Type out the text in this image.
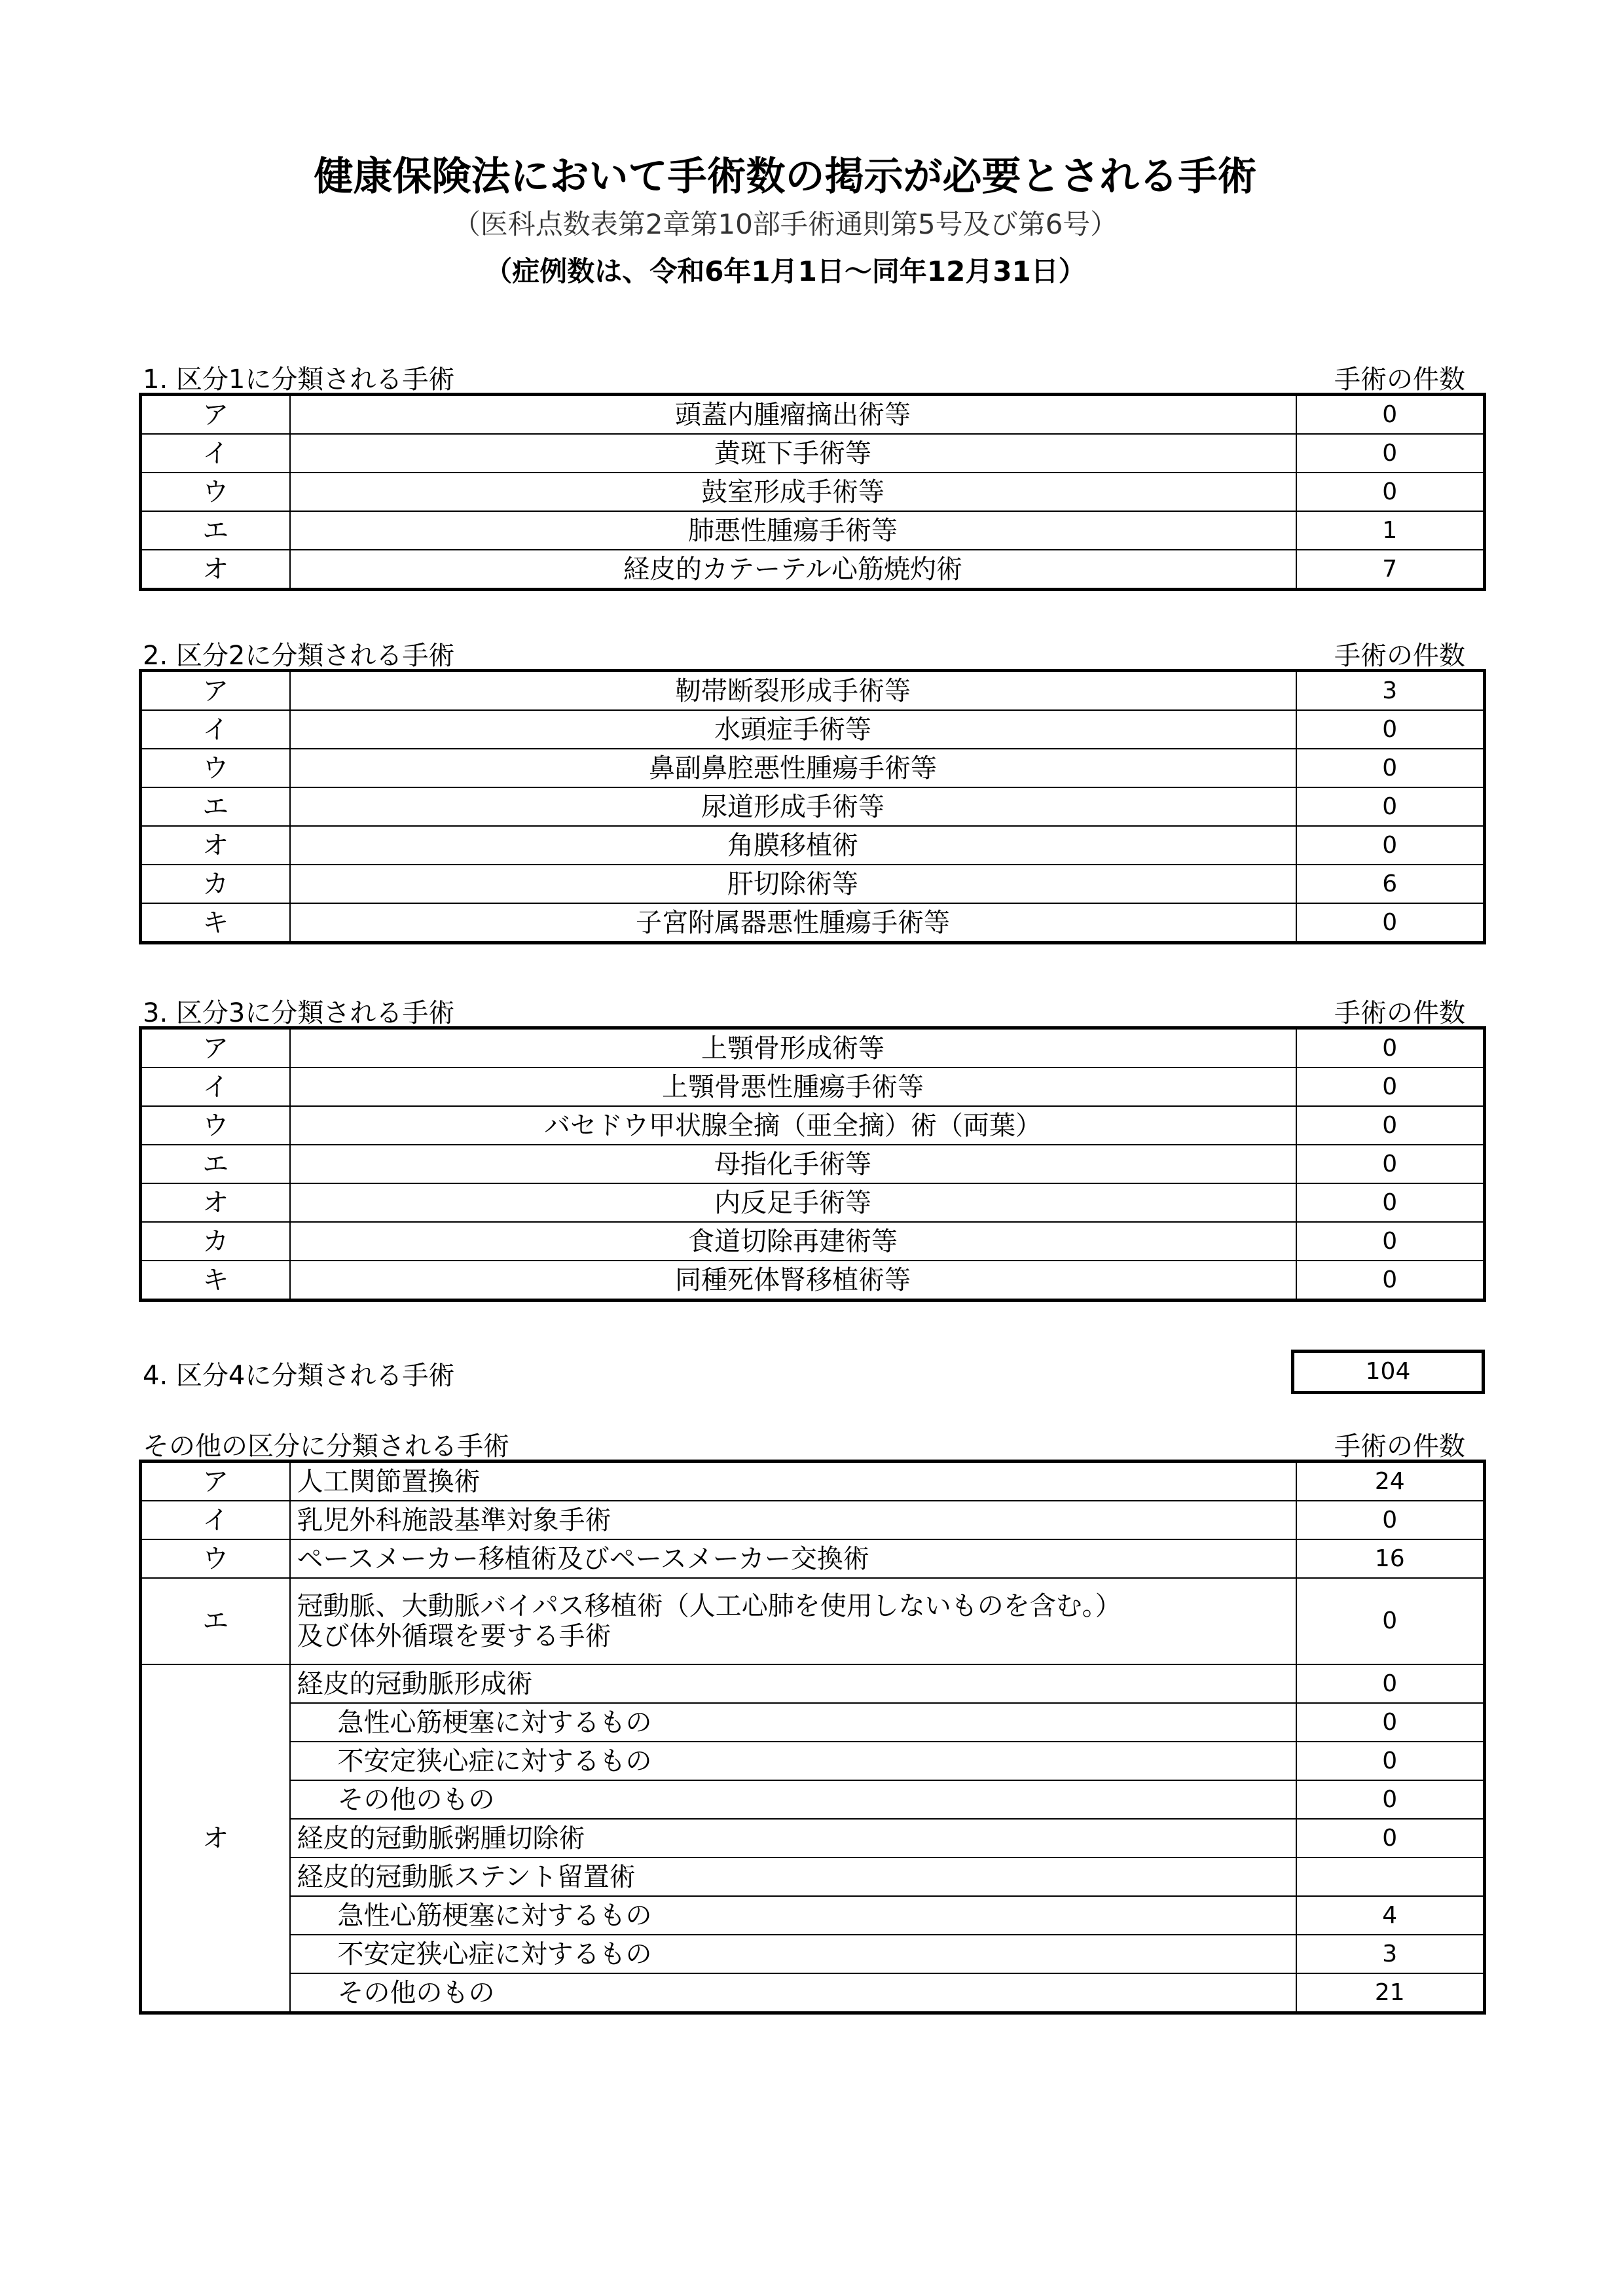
健康保険法において手術数の掲示が必要とされる手術
（医科点数表第2章第10部手術通則第5号及び第6号）
（症例数は、令和6年1月1日～同年12月31日）
1. 区分1に分類される手術	手術の件数
ア	頭蓋内腫瘤摘出術等	0
イ	黄斑下手術等	0
ウ	鼓室形成手術等	0
エ	肺悪性腫瘍手術等	1
オ	経皮的カテーテル心筋焼灼術	7
2. 区分2に分類される手術	手術の件数
ア	靭帯断裂形成手術等	3
イ	水頭症手術等	0
ウ	鼻副鼻腔悪性腫瘍手術等	0
エ	尿道形成手術等	0
オ	角膜移植術	0
カ	肝切除術等	6
キ	子宮附属器悪性腫瘍手術等	0
3. 区分3に分類される手術	手術の件数
ア	上顎骨形成術等	0
イ	上顎骨悪性腫瘍手術等	0
ウ	バセドウ甲状腺全摘（亜全摘）術（両葉）	0
エ	母指化手術等	0
オ	内反足手術等	0
カ	食道切除再建術等	0
キ	同種死体腎移植術等	0
4. 区分4に分類される手術	104
その他の区分に分類される手術	手術の件数
ア	人工関節置換術	24
イ	乳児外科施設基準対象手術	0
ウ	ペースメーカー移植術及びペースメーカー交換術	16
エ	冠動脈、大動脈バイパス移植術（人工心肺を使用しないものを含む。）
及び体外循環を要する手術	0
オ	経皮的冠動脈形成術	0
	急性心筋梗塞に対するもの	0
	不安定狭心症に対するもの	0
	その他のもの	0
	経皮的冠動脈粥腫切除術	0
	経皮的冠動脈ステント留置術	
	急性心筋梗塞に対するもの	4
	不安定狭心症に対するもの	3
	その他のもの	21
